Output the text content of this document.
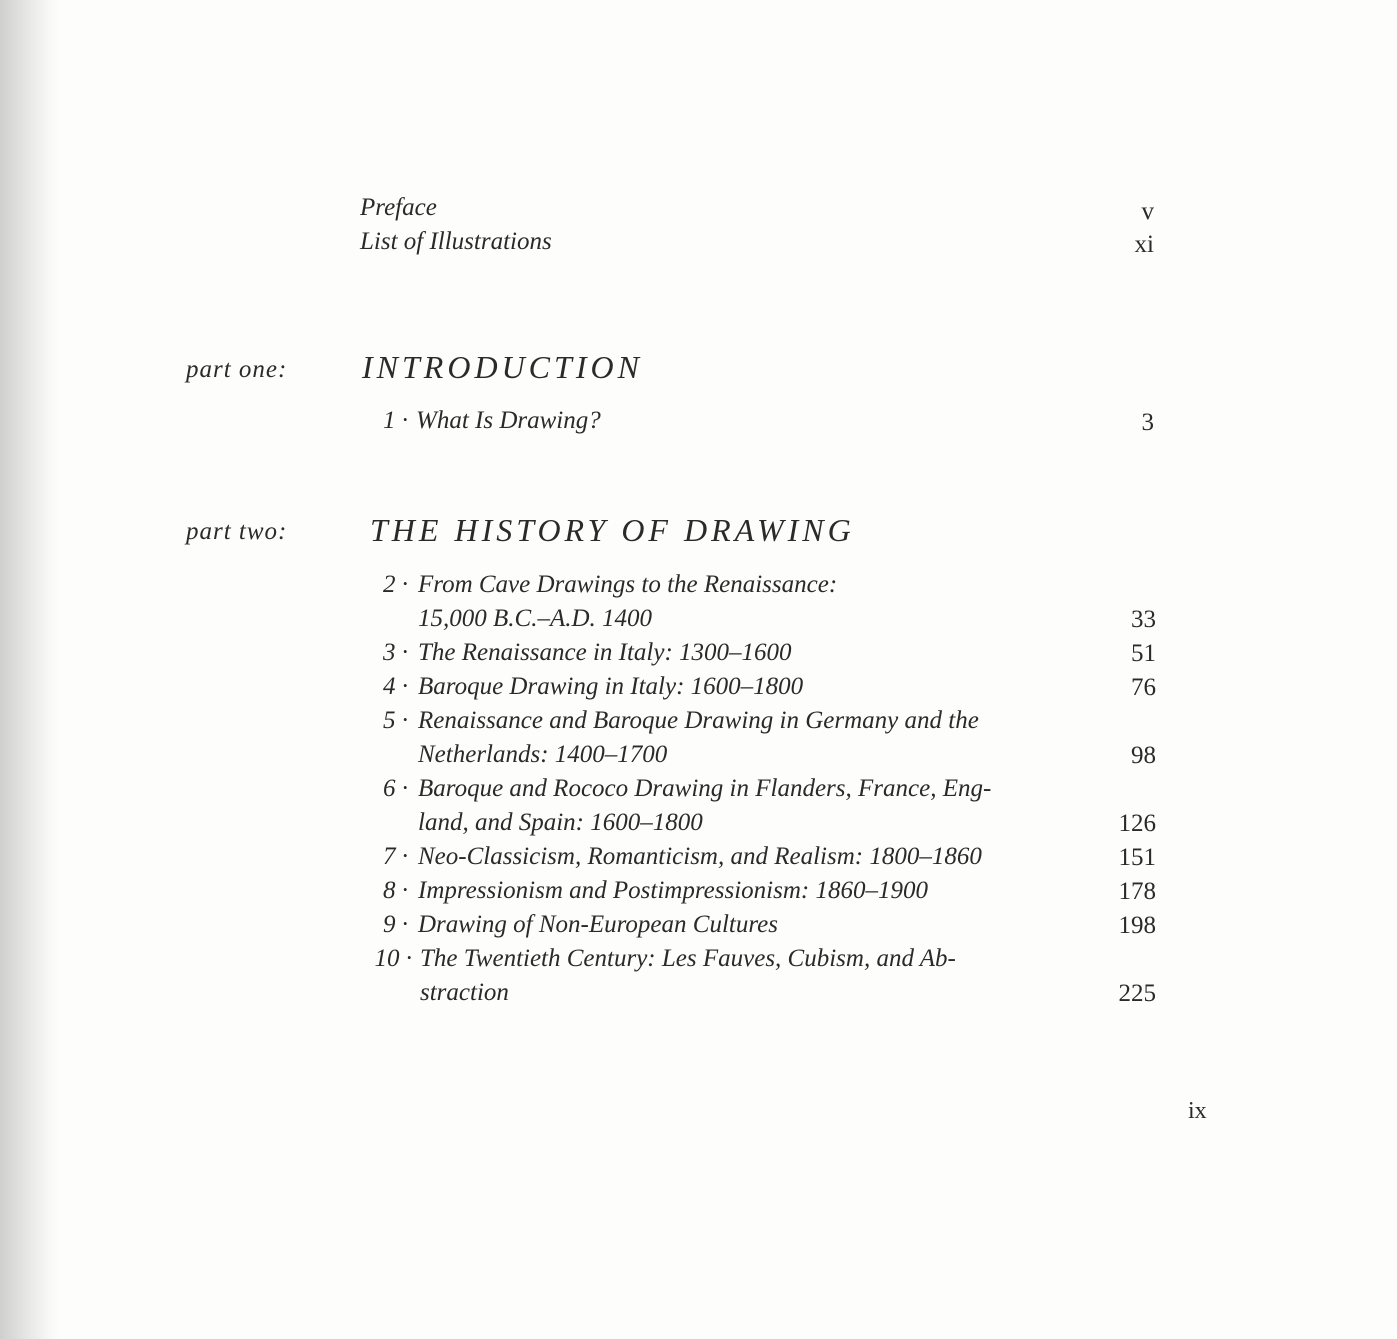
Preface	v
List of Illustrations	xi
part one: INTRODUCTION
1 · What Is Drawing?	3
part two:	THE HISTORY OF DRAWING
2 · From Cave Drawings to the Renaissance:
15,000 B.C.–A.D. 1400	33
3 · The Renaissance in Italy: 1300–1600	51
4 · Baroque Drawing in Italy: 1600–1800	76
5 · Renaissance and Baroque Drawing in Germany and the
Netherlands: 1400–1700	98
6 · Baroque and Rococo Drawing in Flanders, France, Eng-
land, and Spain: 1600–1800	126
7 · Neo-Classicism, Romanticism, and Realism: 1800–1860	151
8 · Impressionism and Postimpressionism: 1860–1900	178
9 · Drawing of Non-European Cultures	198
10 · The Twentieth Century: Les Fauves, Cubism, and Ab-
straction	225
ix
